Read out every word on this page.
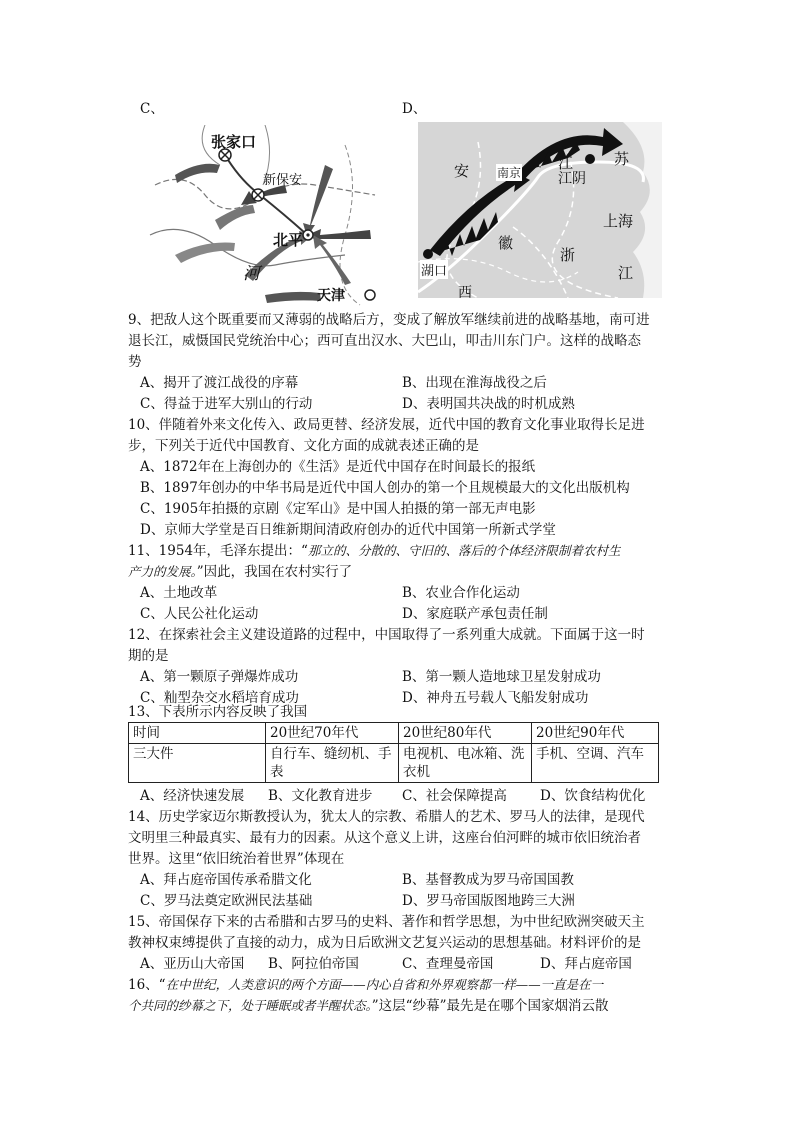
C、	D、
张家口
新保安
北平
河
天津
安 南京
江
江阴
苏
上海
湖口
徽
浙
江
西
9、把敌人这个既重要而又薄弱的战略后方，变成了解放军继续前进的战略基地，南可进
退长江，威慑国民党统治中心；西可直出汉水、大巴山，叩击川东门户。这样的战略态
势
A、揭开了渡江战役的序幕	B、出现在淮海战役之后
C、得益于进军大别山的行动	D、表明国共决战的时机成熟
10、伴随着外来文化传入、政局更替、经济发展，近代中国的教育文化事业取得长足进
步，下列关于近代中国教育、文化方面的成就表述正确的是
A、1872年在上海创办的《生活》是近代中国存在时间最长的报纸
B、1897年创办的中华书局是近代中国人创办的第一个且规模最大的文化出版机构
C、1905年拍摄的京剧《定军山》是中国人拍摄的第一部无声电影
D、京师大学堂是百日维新期间清政府创办的近代中国第一所新式学堂
11、1954年，毛泽东提出：“那立的、分散的、守旧的、落后的个体经济限制着农村生
产力的发展。”因此，我国在农村实行了
A、土地改革	B、农业合作化运动
C、人民公社化运动	D、家庭联产承包责任制
12、在探索社会主义建设道路的过程中，中国取得了一系列重大成就。下面属于这一时
期的是
A、第一颗原子弹爆炸成功	B、第一颗人造地球卫星发射成功
C、籼型杂交水稻培育成功	D、神舟五号载人飞船发射成功
13、下表所示内容反映了我国
时间	20世纪70年代	20世纪80年代	20世纪90年代
三大件	自行车、缝纫机、手表	电视机、电冰箱、洗衣机	手机、空调、汽车
A、经济快速发展 B、文化教育进步 C、社会保障提高 D、饮食结构优化
14、历史学家迈尔斯教授认为，犹太人的宗教、希腊人的艺术、罗马人的法律，是现代
文明里三种最真实、最有力的因素。从这个意义上讲，这座台伯河畔的城市依旧统治者
世界。这里“依旧统治着世界”体现在
A、拜占庭帝国传承希腊文化	B、基督教成为罗马帝国国教
C、罗马法奠定欧洲民法基础	D、罗马帝国版图地跨三大洲
15、帝国保存下来的古希腊和古罗马的史料、著作和哲学思想，为中世纪欧洲突破天主
教神权束缚提供了直接的动力，成为日后欧洲文艺复兴运动的思想基础。材料评价的是
A、亚历山大帝国 B、阿拉伯帝国	C、查理曼帝国	D、拜占庭帝国
16、“在中世纪，人类意识的两个方面——内心自省和外界观察都一样——一直是在一
个共同的纱幕之下，处于睡眠或者半醒状态。”这层“纱幕”最先是在哪个国家烟消云散
